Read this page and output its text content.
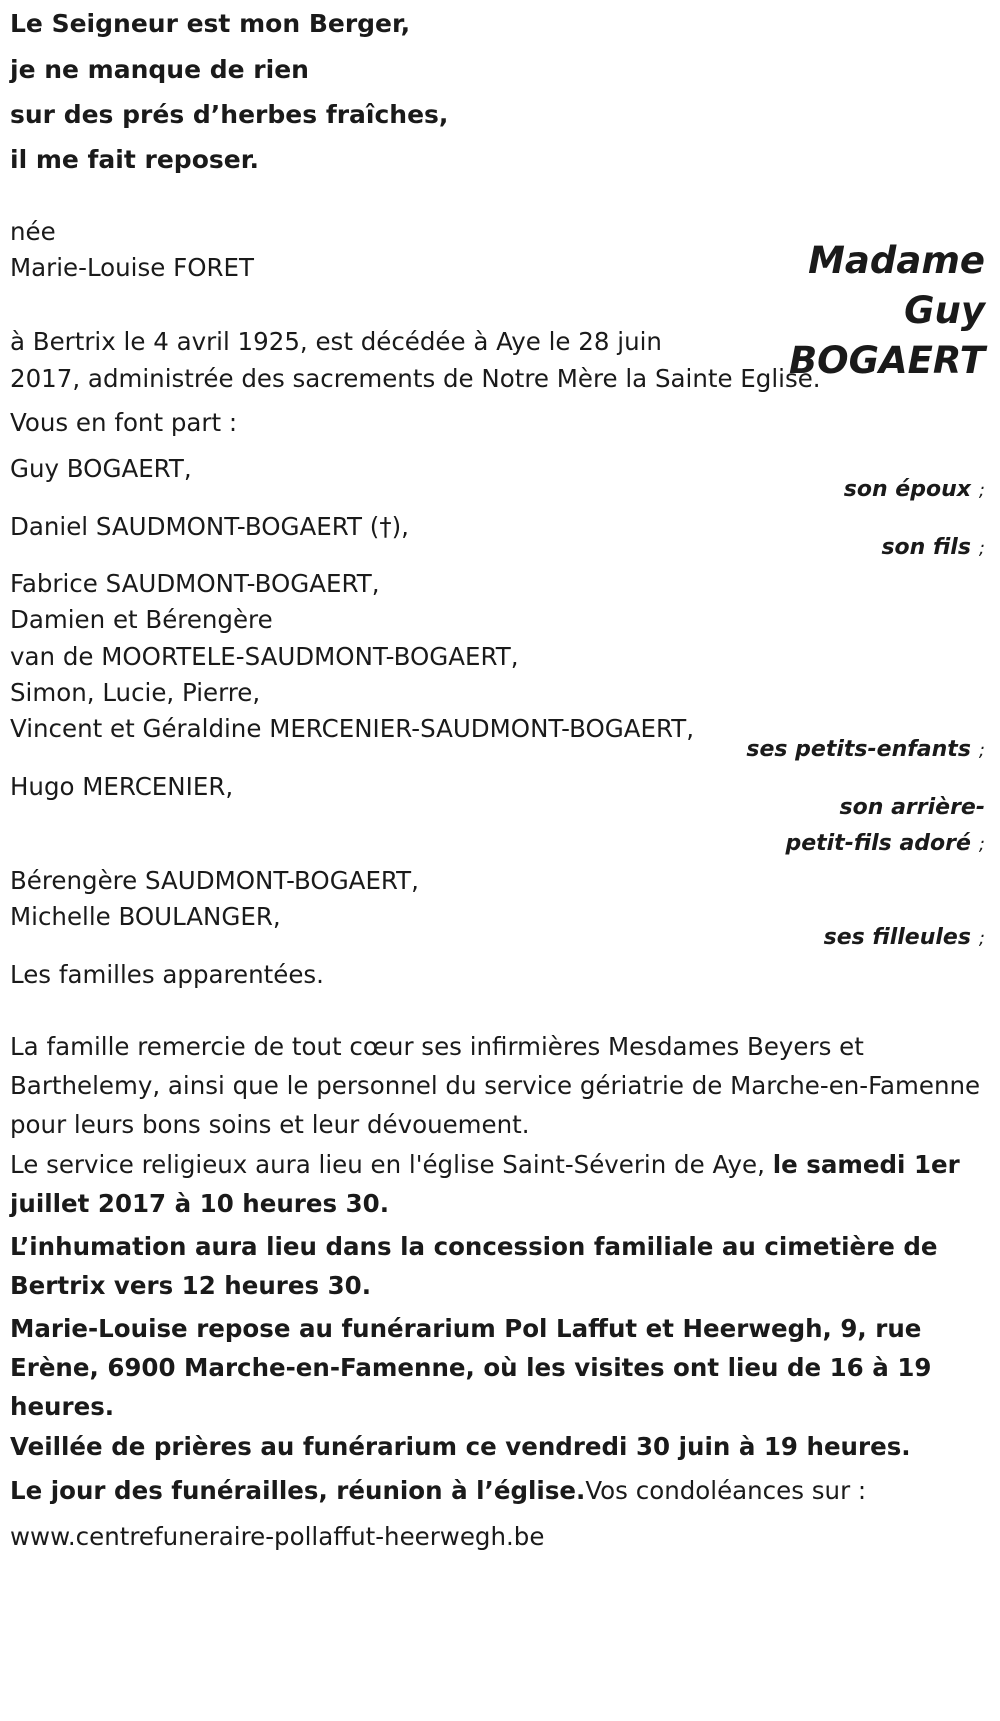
Le Seigneur est mon Berger,
je ne manque de rien
sur des prés d’herbes fraîches,
il me fait reposer.
Madame
Guy
BOGAERT
née
Marie-Louise FORET
à Bertrix le 4 avril 1925, est décédée à Aye le 28 juin
2017, administrée des sacrements de Notre Mère la Sainte Eglise.
Vous en font part :
Guy BOGAERT,
son époux ;
Daniel SAUDMONT-BOGAERT (†),
son fils ;
Fabrice SAUDMONT-BOGAERT,
Damien et Bérengère
van de MOORTELE-SAUDMONT-BOGAERT,
Simon, Lucie, Pierre,
Vincent et Géraldine MERCENIER-SAUDMONT-BOGAERT,
ses petits-enfants ;
Hugo MERCENIER,
son arrière-
petit-fils adoré ;
Bérengère SAUDMONT-BOGAERT,
Michelle BOULANGER,
ses filleules ;
Les familles apparentées.
La famille remercie de tout cœur ses infirmières Mesdames Beyers et Barthelemy, ainsi que le personnel du service gériatrie de Marche-en-Famenne pour leurs bons soins et leur dévouement.
Le service religieux aura lieu en l'église Saint-Séverin de Aye, le samedi 1er juillet 2017 à 10 heures 30.
L’inhumation aura lieu dans la concession familiale au cimetière de Bertrix vers 12 heures 30.
Marie-Louise repose au funérarium Pol Laffut et Heerwegh, 9, rue Erène, 6900 Marche-en-Famenne, où les visites ont lieu de 16 à 19 heures.
Veillée de prières au funérarium ce vendredi 30 juin à 19 heures.
Le jour des funérailles, réunion à l’église.Vos condoléances sur :
www.centrefuneraire-pollaffut-heerwegh.be
